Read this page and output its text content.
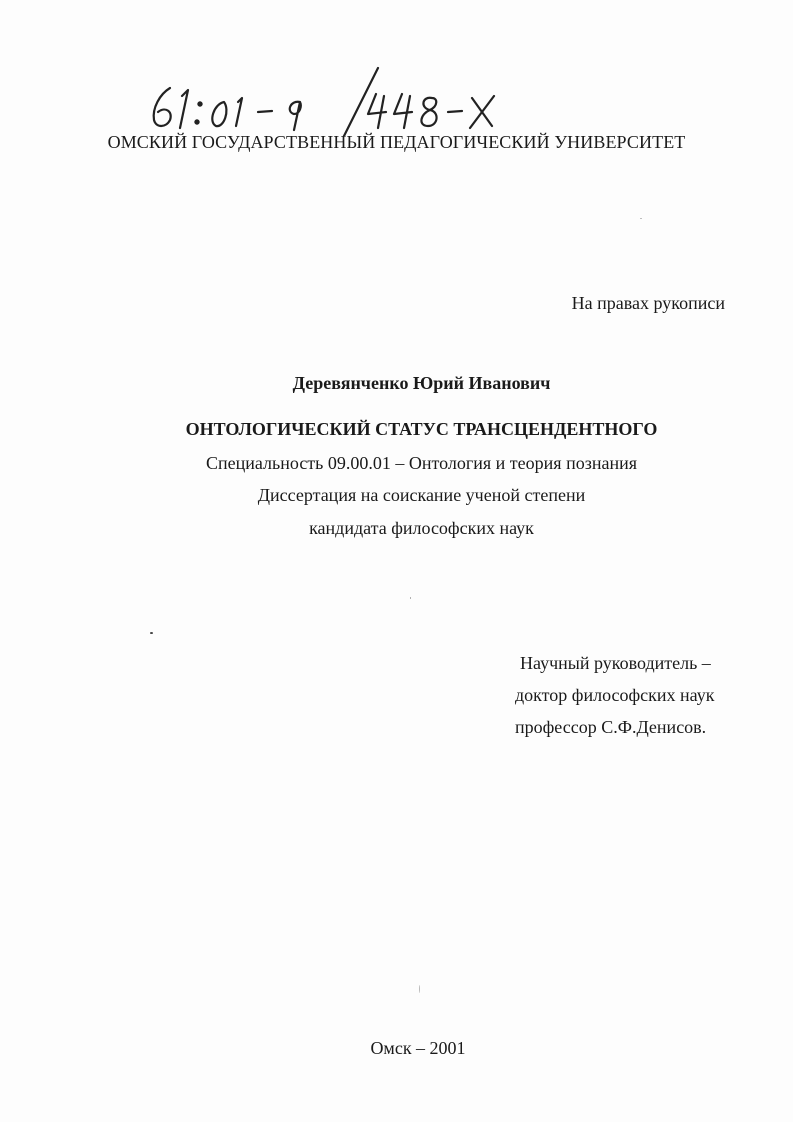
ОМСКИЙ ГОСУДАРСТВЕННЫЙ ПЕДАГОГИЧЕСКИЙ УНИВЕРСИТЕТ
На правах рукописи
Деревянченко Юрий Иванович
ОНТОЛОГИЧЕСКИЙ СТАТУС ТРАНСЦЕНДЕНТНОГО
Специальность 09.00.01 – Онтология и теория познания
Диссертация на соискание ученой степени
кандидата философских наук
Научный руководитель –
доктор философских наук
профессор С.Ф.Денисов.
Омск – 2001
